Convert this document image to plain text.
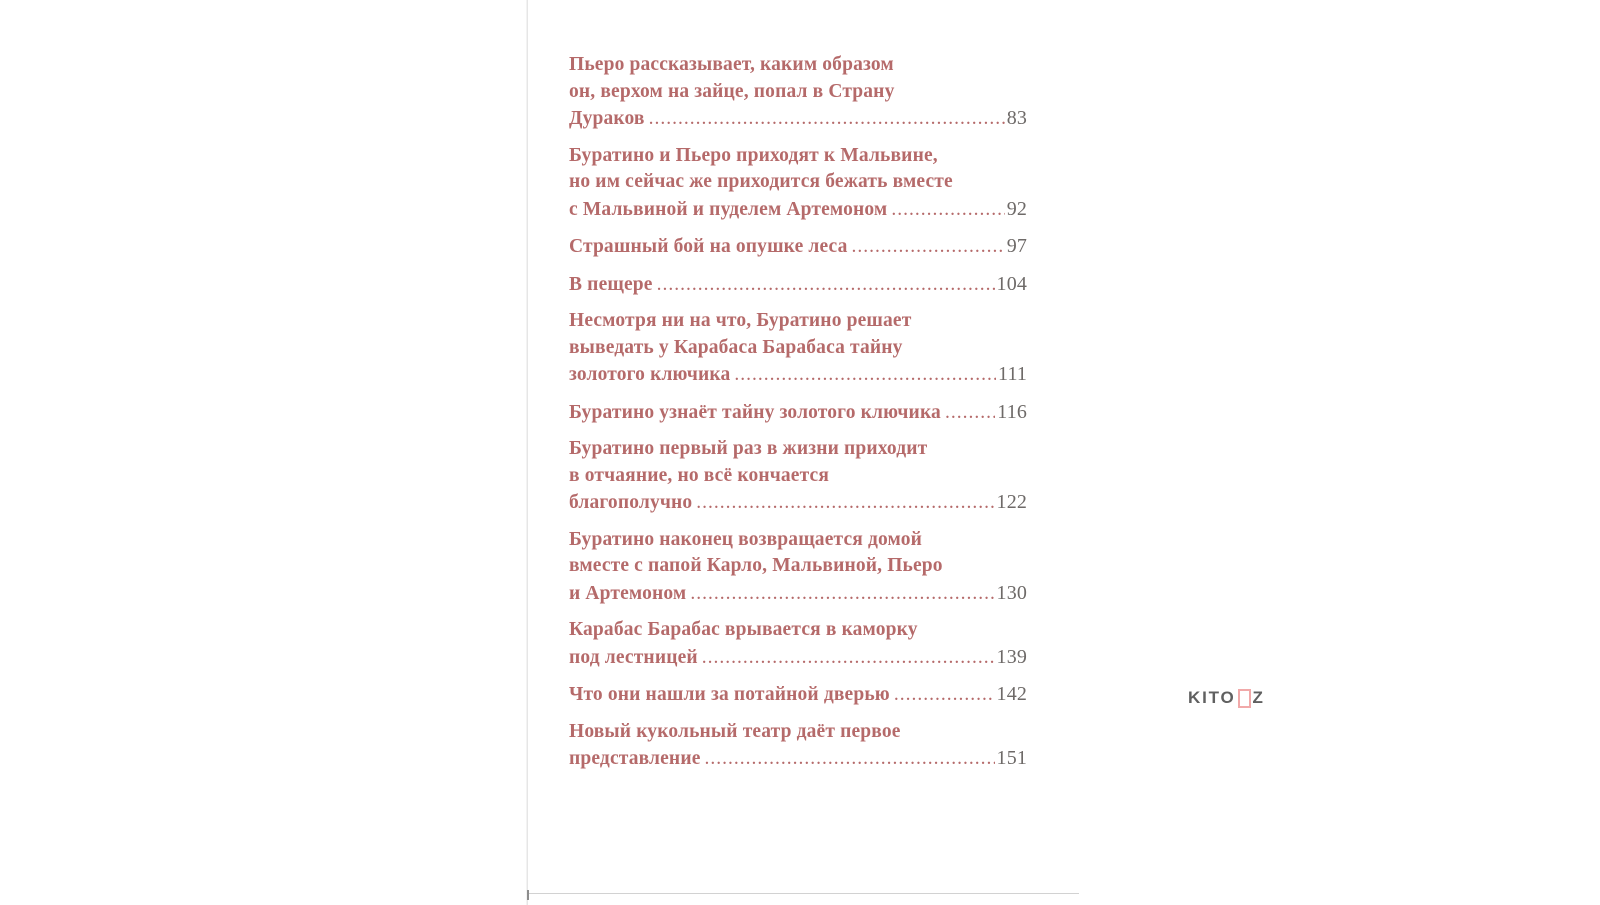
Пьеро рассказывает, каким образом
он, верхом на зайце, попал в Страну
Дураков .....	83
Буратино и Пьеро приходят к Мальвине,
но им сейчас же приходится бежать вместе
с Мальвиной и пуделем Артемоном .....	92
Страшный бой на опушке леса .....	97
В пещере .....	104
Несмотря ни на что, Буратино решает
выведать у Карабаса Барабаса тайну
золотого ключика .....	111
Буратино узнаёт тайну золотого ключика .....	116
Буратино первый раз в жизни приходит
в отчаяние, но всё кончается
благополучно .....	122
Буратино наконец возвращается домой
вместе с папой Карло, Мальвиной, Пьеро
и Артемоном .....	130
Карабас Барабас врывается в каморку
под лестницей .....	139
Что они нашли за потайной дверью .....	142
Новый кукольный театр даёт первое
представление .....	151
KITO Z
